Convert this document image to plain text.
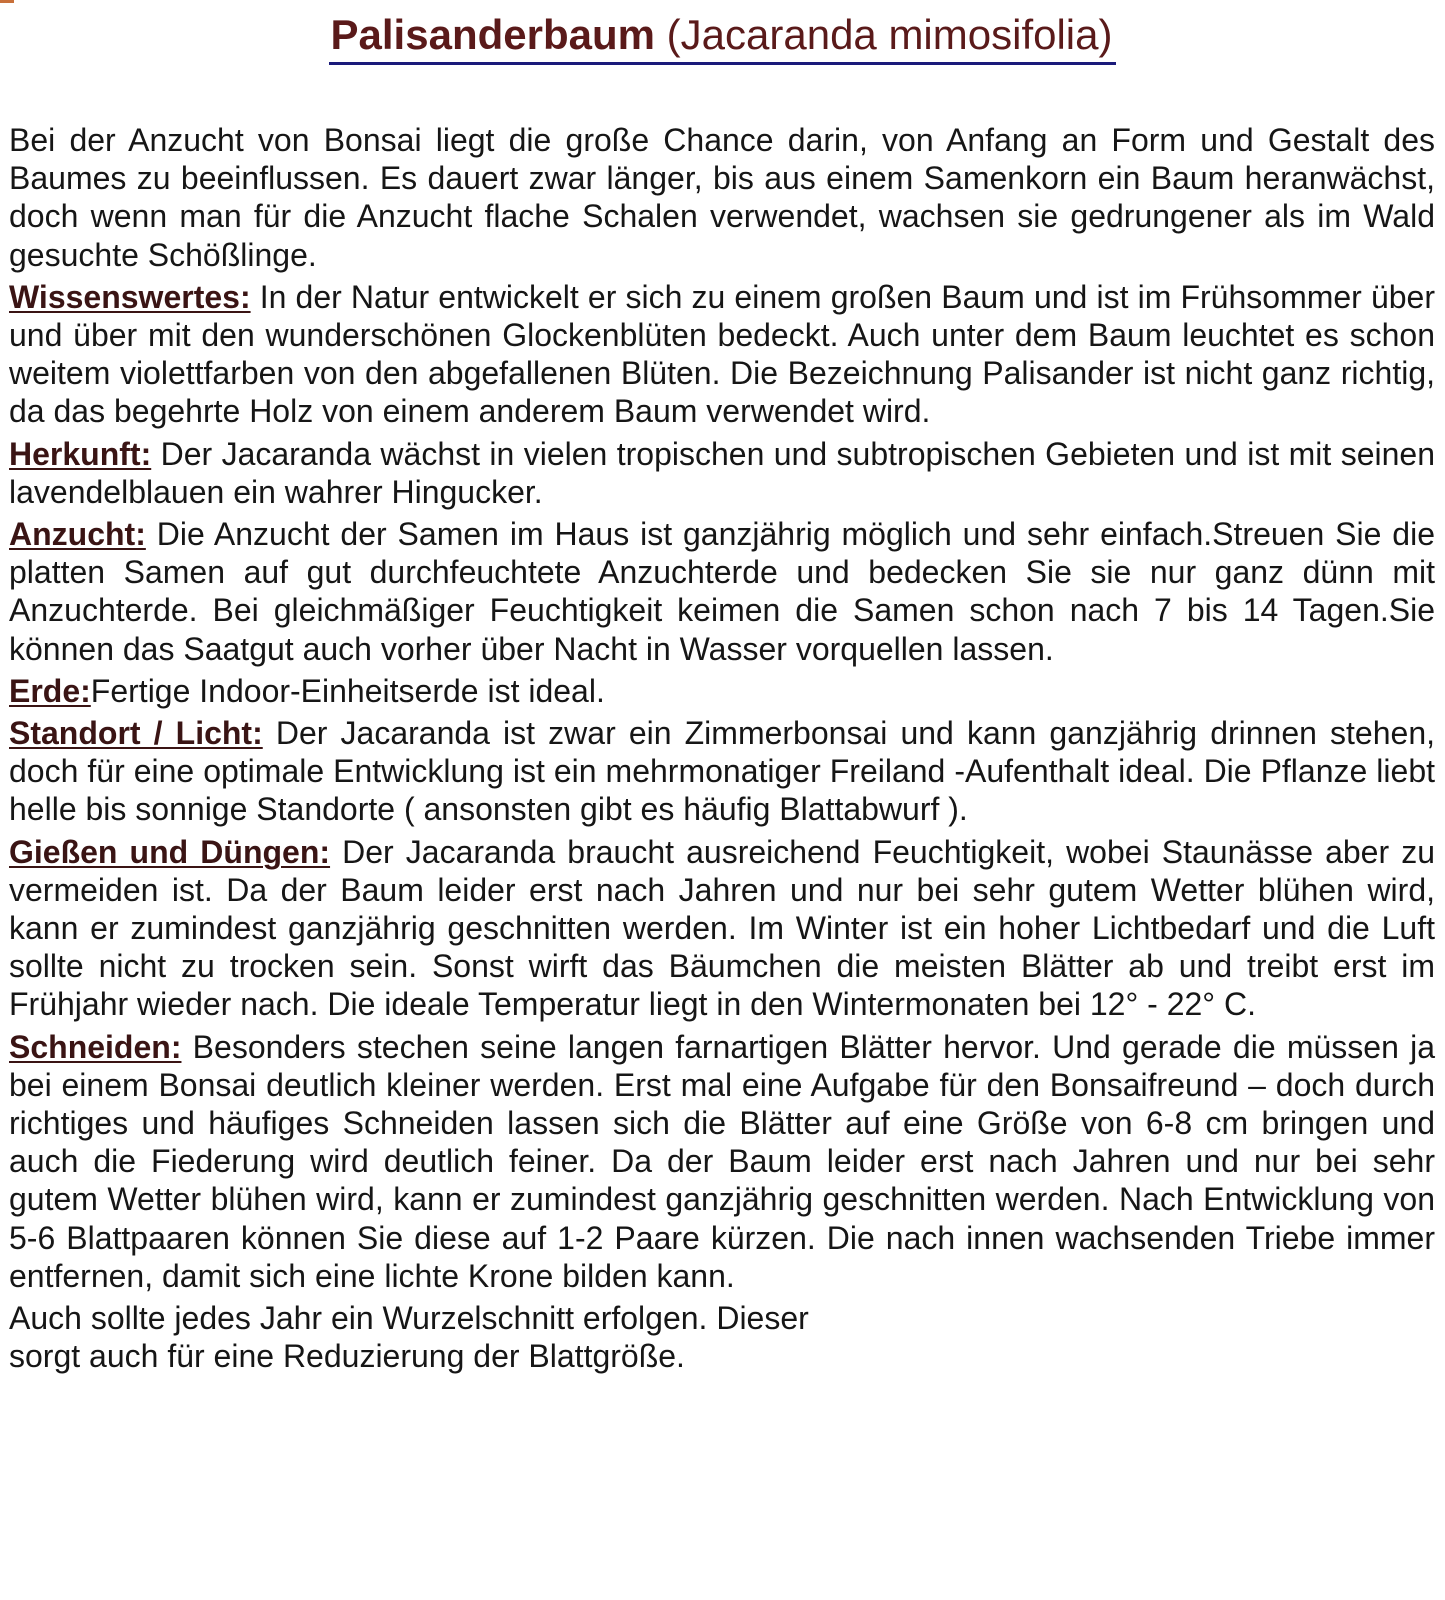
Palisanderbaum (Jacaranda mimosifolia)

Bei der Anzucht von Bonsai liegt die große Chance darin, von Anfang an Form und Gestalt des Baumes zu beeinflussen. Es dauert zwar länger, bis aus einem Samenkorn ein Baum heranwächst, doch wenn man für die Anzucht flache Schalen verwendet, wachsen sie gedrungener als im Wald gesuchte Schößlinge.

Wissenswertes: In der Natur entwickelt er sich zu einem großen Baum und ist im Frühsommer über und über mit den wunderschönen Glockenblüten bedeckt. Auch unter dem Baum leuchtet es schon weitem violettfarben von den abgefallenen Blüten. Die Bezeichnung Palisander ist nicht ganz richtig, da das begehrte Holz von einem anderem Baum verwendet wird.

Herkunft: Der Jacaranda wächst in vielen tropischen und subtropischen Gebieten und ist mit seinen lavendelblauen ein wahrer Hingucker.

Anzucht: Die Anzucht der Samen im Haus ist ganzjährig möglich und sehr einfach.Streuen Sie die platten Samen auf gut durchfeuchtete Anzuchterde und bedecken Sie sie nur ganz dünn mit Anzuchterde. Bei gleichmäßiger Feuchtigkeit keimen die Samen schon nach 7 bis 14 Tagen.Sie können das Saatgut auch vorher über Nacht in Wasser vorquellen lassen.

Erde:Fertige Indoor-Einheitserde ist ideal.

Standort / Licht: Der Jacaranda ist zwar ein Zimmerbonsai und kann ganzjährig drinnen stehen, doch für eine optimale Entwicklung ist ein mehrmonatiger Freiland -Aufenthalt ideal. Die Pflanze liebt helle bis sonnige Standorte ( ansonsten gibt es häufig Blattabwurf ).

Gießen und Düngen: Der Jacaranda braucht ausreichend Feuchtigkeit, wobei Staunässe aber zu vermeiden ist. Da der Baum leider erst nach Jahren und nur bei sehr gutem Wetter blühen wird, kann er zumindest ganzjährig geschnitten werden. Im Winter ist ein hoher Lichtbedarf und die Luft sollte nicht zu trocken sein. Sonst wirft das Bäumchen die meisten Blätter ab und treibt erst im Frühjahr wieder nach. Die ideale Temperatur liegt in den Wintermonaten bei 12° - 22° C.

Schneiden: Besonders stechen seine langen farnartigen Blätter hervor. Und gerade die müssen ja bei einem Bonsai deutlich kleiner werden. Erst mal eine Aufgabe für den Bonsaifreund – doch durch richtiges und häufiges Schneiden lassen sich die Blätter auf eine Größe von 6-8 cm bringen und auch die Fiederung wird deutlich feiner. Da der Baum leider erst nach Jahren und nur bei sehr gutem Wetter blühen wird, kann er zumindest ganzjährig geschnitten werden. Nach Entwicklung von 5-6 Blattpaaren können Sie diese auf 1-2 Paare kürzen. Die nach innen wachsenden Triebe immer entfernen, damit sich eine lichte Krone bilden kann.

Auch sollte jedes Jahr ein Wurzelschnitt erfolgen. Dieser
sorgt auch für eine Reduzierung der Blattgröße.
